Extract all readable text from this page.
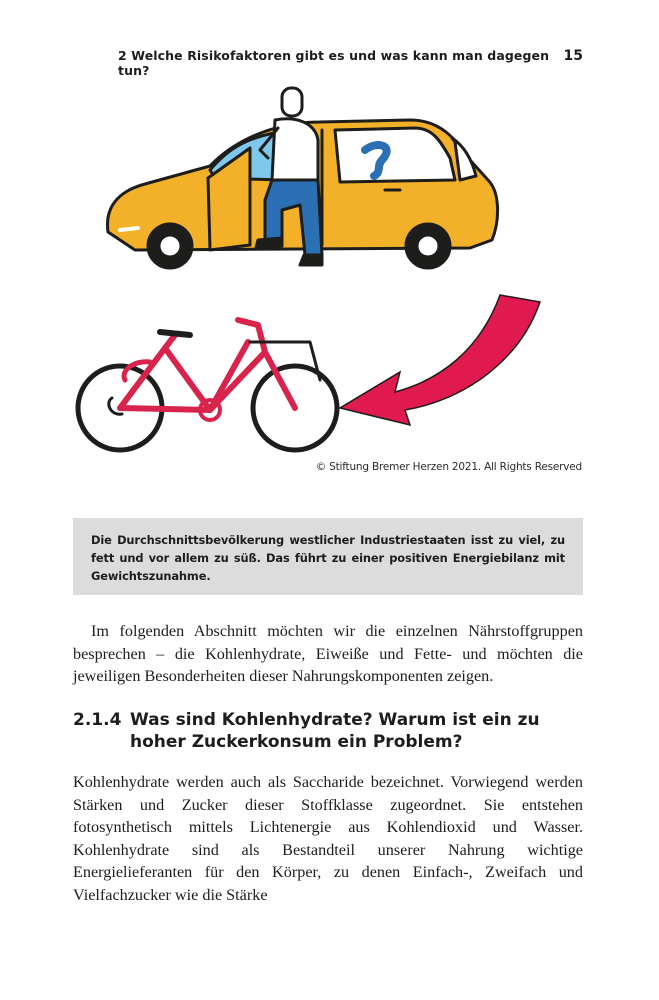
2 Welche Risikofaktoren gibt es und was kann man dagegen tun?
15
© Stiftung Bremer Herzen 2021. All Rights Reserved

Die Durchschnittsbevölkerung westlicher Industriestaaten isst zu viel, zu fett und vor allem zu süß. Das führt zu einer positiven Energiebilanz mit Gewichtszunahme.

Im folgenden Abschnitt möchten wir die einzelnen Nährstoffgruppen besprechen – die Kohlenhydrate, Eiweiße und Fette- und möchten die jeweiligen Besonderheiten dieser Nahrungskomponenten zeigen.

2.1.4 Was sind Kohlenhydrate? Warum ist ein zu hoher Zuckerkonsum ein Problem?

Kohlenhydrate werden auch als Saccharide bezeichnet. Vorwiegend werden Stärken und Zucker dieser Stoffklasse zugeordnet. Sie entstehen fotosynthetisch mittels Lichtenergie aus Kohlendioxid und Wasser. Kohlenhydrate sind als Bestandteil unserer Nahrung wichtige Energielieferanten für den Körper, zu denen Einfach-, Zweifach und Vielfachzucker wie die Stärke
